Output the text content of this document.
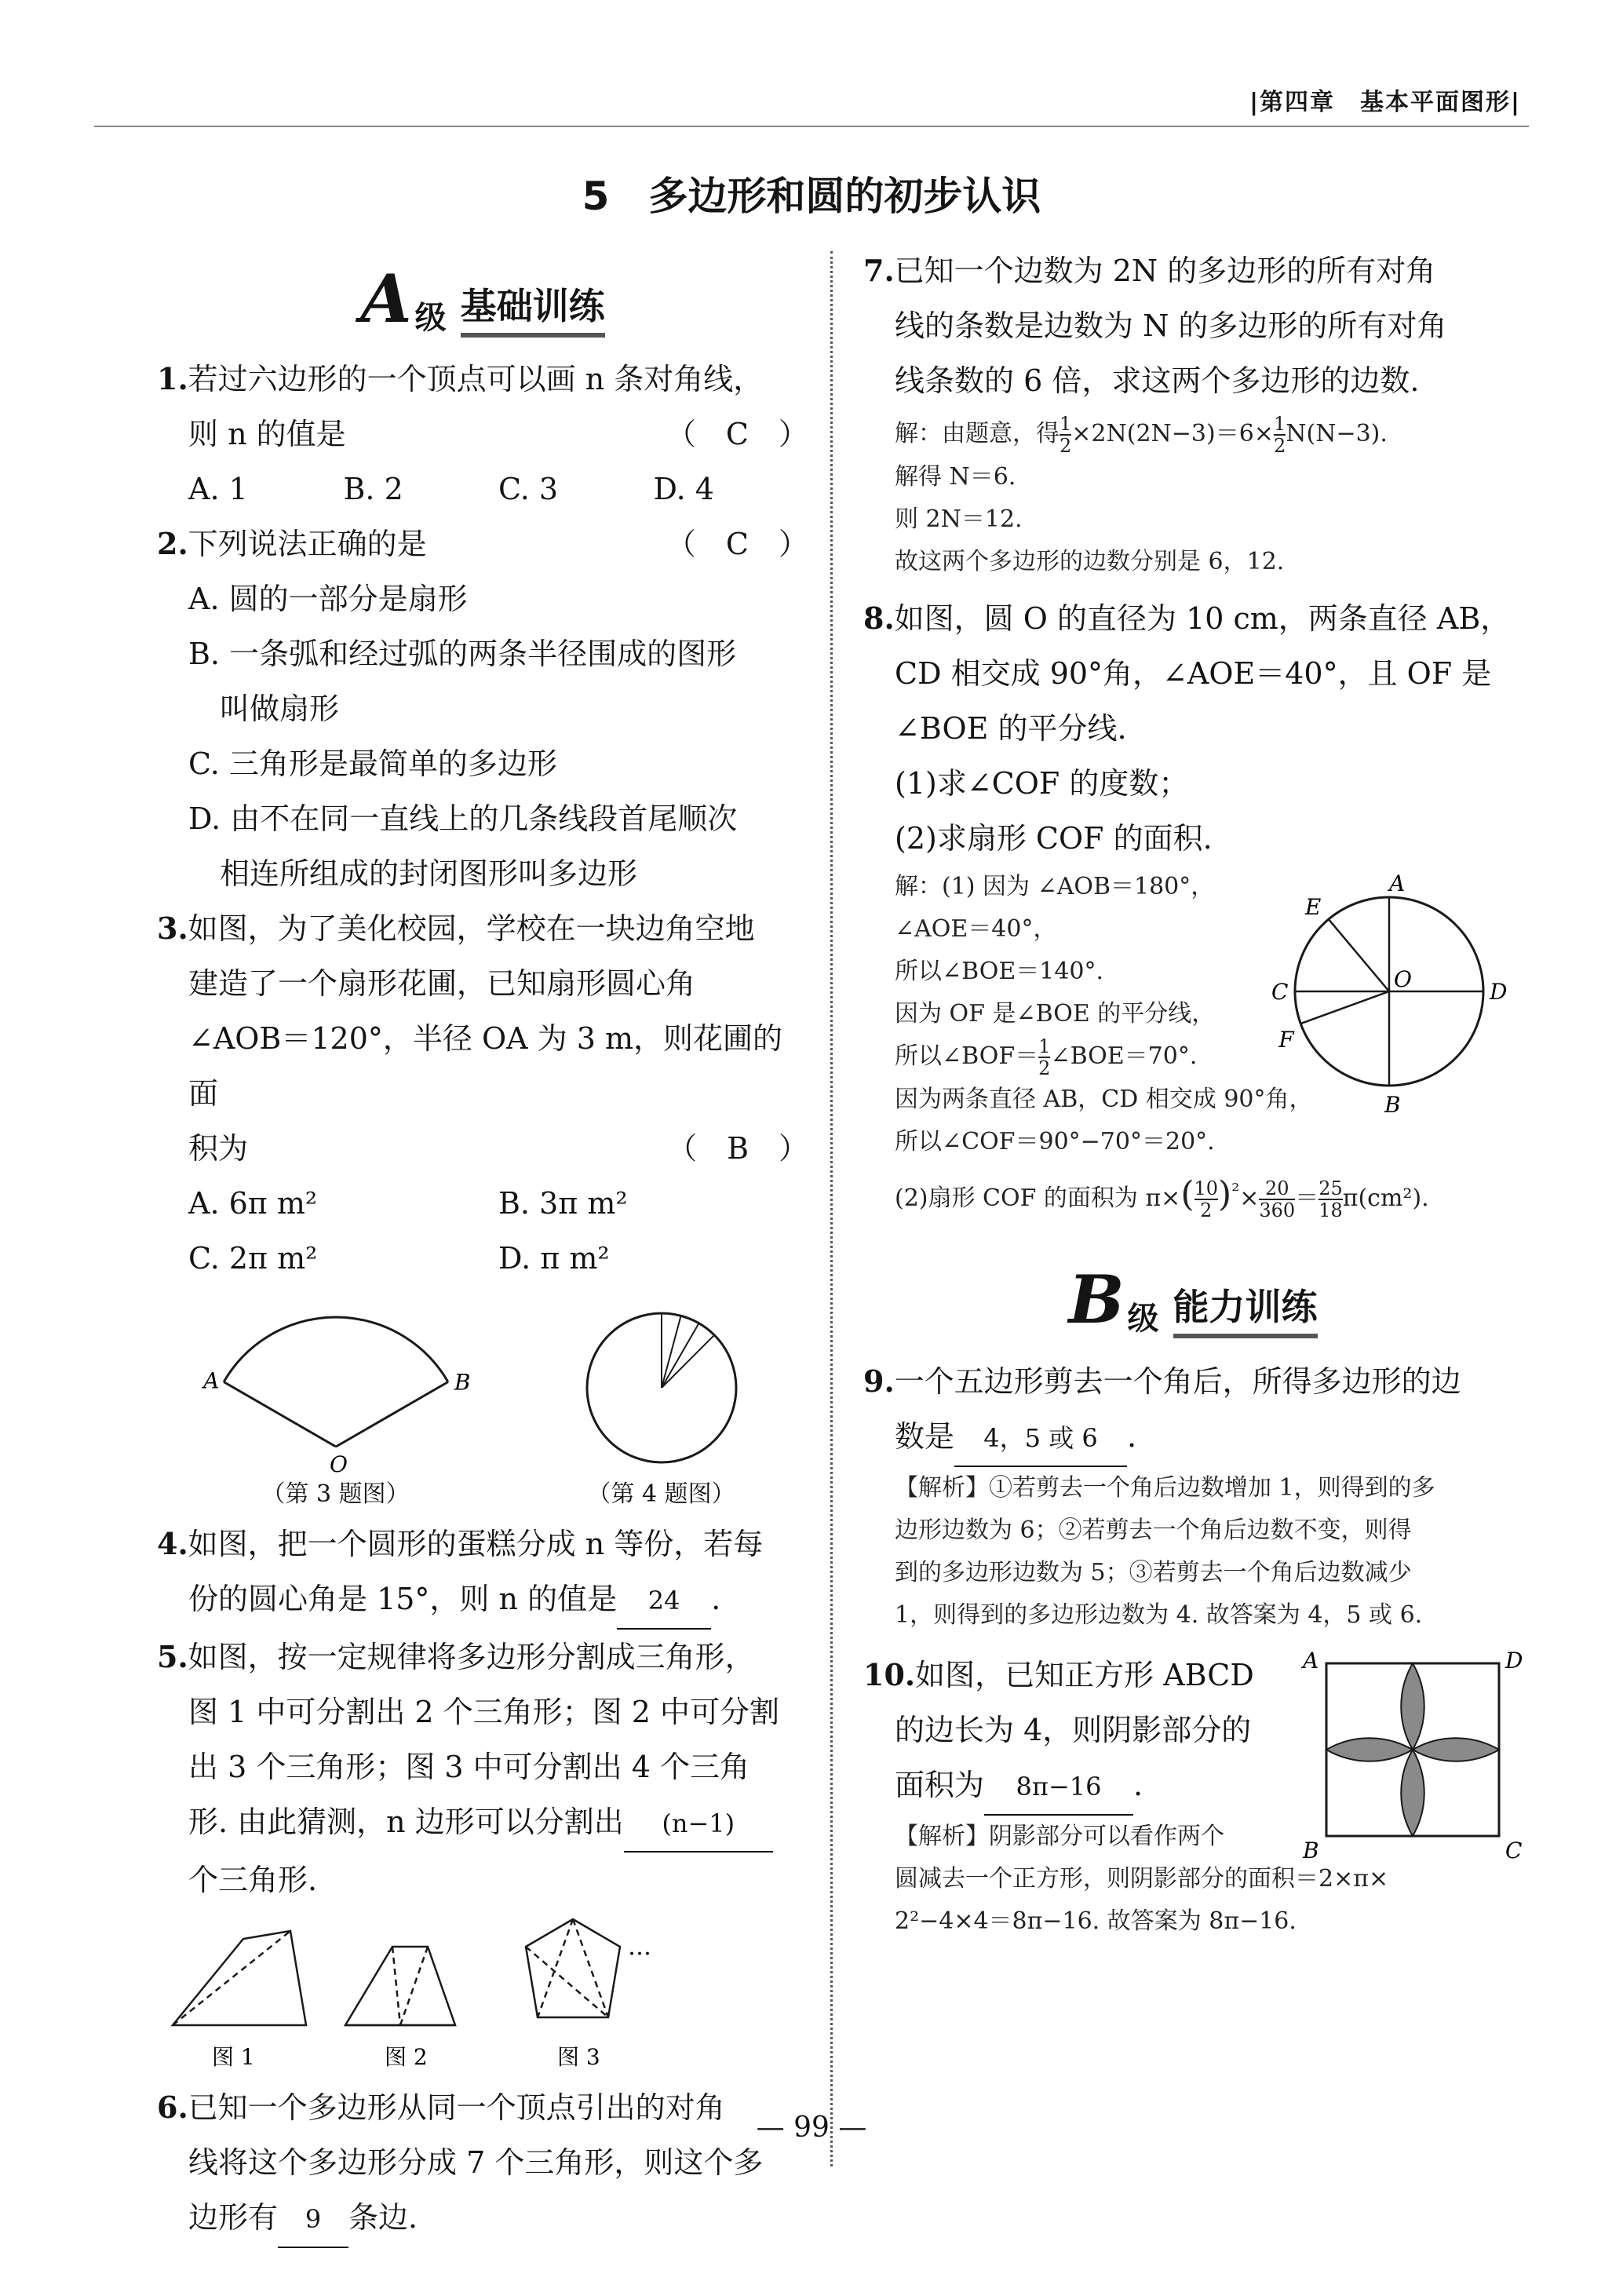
|第四章　基本平面图形|
5　多边形和圆的初步认识
A 级 基础训练
1.若过六边形的一个顶点可以画 n 条对角线，
则 n 的值是	（　C　）
A. 1	B. 2	C. 3	D. 4
2.下列说法正确的是	（　C　）
A. 圆的一部分是扇形
B. 一条弧和经过弧的两条半径围成的图形
叫做扇形
C. 三角形是最简单的多边形
D. 由不在同一直线上的几条线段首尾顺次
相连所组成的封闭图形叫多边形
3.如图，为了美化校园，学校在一块边角空地
建造了一个扇形花圃，已知扇形圆心角
∠AOB＝120°，半径 OA 为 3 m，则花圃的面
积为	（　B　）
A. 6π m²	B. 3π m²
C. 2π m²	D. π m²
A	B
O
（第 3 题图）	（第 4 题图）
4.如图，把一个圆形的蛋糕分成 n 等份，若每
份的圆心角是 15°，则 n 的值是 24 .
5.如图，按一定规律将多边形分割成三角形，
图 1 中可分割出 2 个三角形；图 2 中可分割
出 3 个三角形；图 3 中可分割出 4 个三角
形. 由此猜测，n 边形可以分割出 (n−1)
个三角形.
…
图 1	图 2	图 3
6.已知一个多边形从同一个顶点引出的对角
线将这个多边形分成 7 个三角形，则这个多
边形有 9 条边.
7.已知一个边数为 2N 的多边形的所有对角
线的条数是边数为 N 的多边形的所有对角
线条数的 6 倍，求这两个多边形的边数.
解：由题意，得 $\frac{1}{2} \times 2N(2N-3)=6\times \frac{1}{2} N(N-3)$.
解得 N＝6.
则 2N＝12.
故这两个多边形的边数分别是 6，12.
8.如图，圆 O 的直径为 10 cm，两条直径 AB，
CD 相交成 90°角，∠AOE＝40°，且 OF 是
∠BOE 的平分线.
(1)求∠COF 的度数；
(2)求扇形 COF 的面积.
解：(1) 因为 ∠AOB＝180°，
∠AOE＝40°，
所以∠BOE＝140°.
因为 OF 是∠BOE 的平分线，
所以∠BOF＝ $\frac{1}{2}$ ∠BOE＝70°.
因为两条直径 AB，CD 相交成 90°角，
所以∠COF＝90°−70°＝20°.
(2)扇形 COF 的面积为 $\pi\times( \frac{10}{2} )^{^2}\times \frac{20}{360} = \frac{25}{18} \pi(cm^2)$.
A
B
C	D
E
F
O
B 级 能力训练
9.一个五边形剪去一个角后，所得多边形的边
数是 4，5 或 6 .
【解析】①若剪去一个角后边数增加 1，则得到的多
边形边数为 6；②若剪去一个角后边数不变，则得
到的多边形边数为 5；③若剪去一个角后边数减少
1，则得到的多边形边数为 4. 故答案为 4，5 或 6.
10.如图，已知正方形 ABCD
的边长为 4，则阴影部分的
面积为 8π−16 .
【解析】阴影部分可以看作两个
圆减去一个正方形，则阴影部分的面积＝2×π×
2²−4×4＝8π−16. 故答案为 8π−16.
A	D
B	C
— 99 —
